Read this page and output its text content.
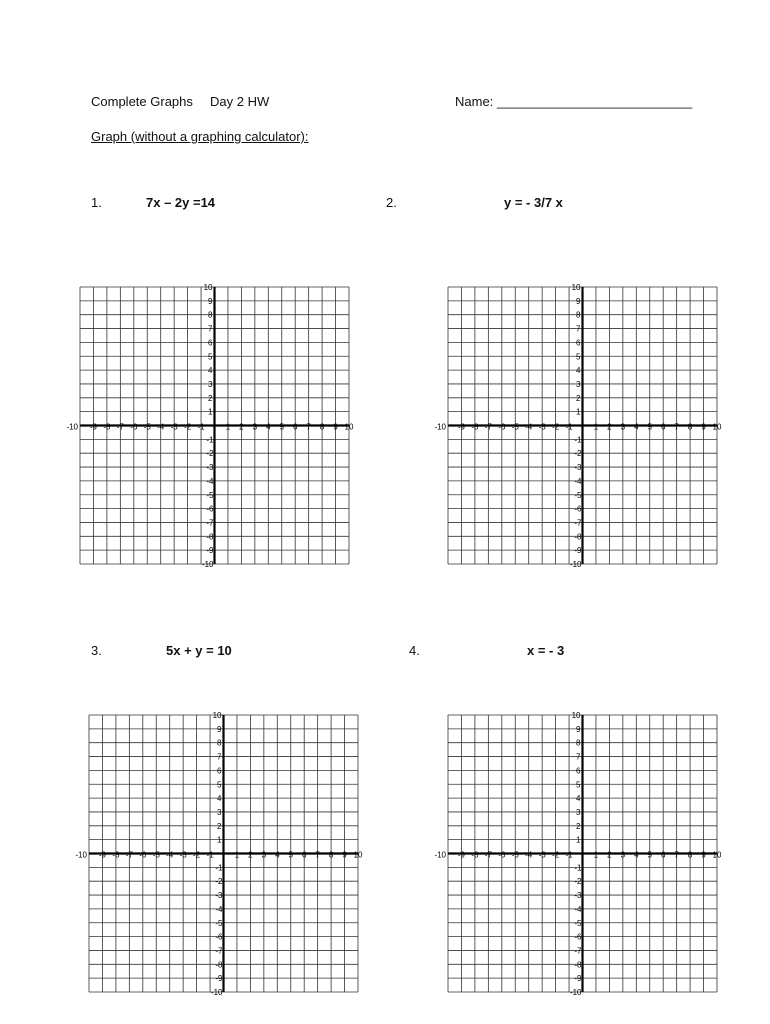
Complete Graphs Day 2 HW	Name: ___________________________
Graph (without a graphing calculator):
1.	7x – 2y =14	2.	y = - 3/7 x
3.	5x + y = 10	4.	x = - 3
-10 -9 -8 -7 -6 -5 -4 -3 -2 -1	1 2 3 4 5 6 7 8 9 10
10
9
8
7
6
5
4
3
2
1
-1
-2
-3
-4
-5
-6
-7
-8
-9
-10
-10 -9 -8 -7 -6 -5 -4 -3 -2 -1	1 2 3 4 5 6 7 8 9 10
10
9
8
7
6
5
4
3
2
1
-1
-2
-3
-4
-5
-6
-7
-8
-9
-10
-10 -9 -8 -7 -6 -5 -4 -3 -2 -1	1 2 3 4 5 6 7 8 9 10
10
9
8
7
6
5
4
3
2
1
-1
-2
-3
-4
-5
-6
-7
-8
-9
-10
-10 -9 -8 -7 -6 -5 -4 -3 -2 -1	1 2 3 4 5 6 7 8 9 10
10
9
8
7
6
5
4
3
2
1
-1
-2
-3
-4
-5
-6
-7
-8
-9
-10
